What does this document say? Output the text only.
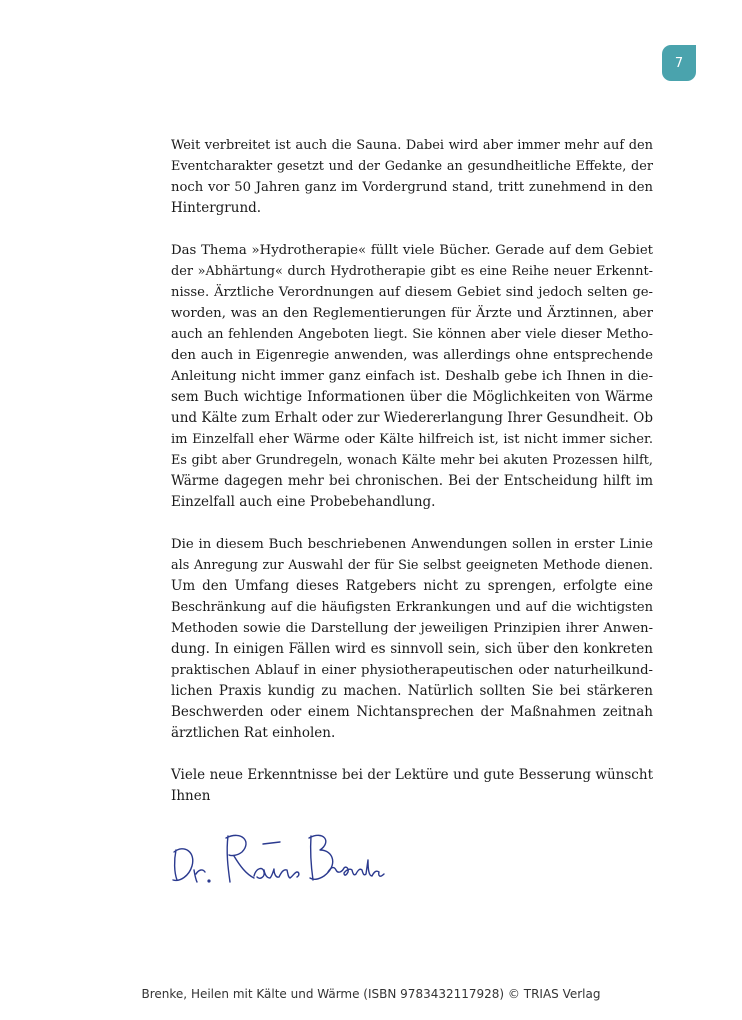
7

Weit verbreitet ist auch die Sauna. Dabei wird aber immer mehr auf den
Eventcharakter gesetzt und der Gedanke an gesundheitliche Effekte, der
noch vor 50 Jahren ganz im Vordergrund stand, tritt zunehmend in den
Hintergrund.

Das Thema »Hydrotherapie« füllt viele Bücher. Gerade auf dem Gebiet
der »Abhärtung« durch Hydrotherapie gibt es eine Reihe neuer Erkennt-
nisse. Ärztliche Verordnungen auf diesem Gebiet sind jedoch selten ge-
worden, was an den Reglementierungen für Ärzte und Ärztinnen, aber
auch an fehlenden Angeboten liegt. Sie können aber viele dieser Metho-
den auch in Eigenregie anwenden, was allerdings ohne entsprechende
Anleitung nicht immer ganz einfach ist. Deshalb gebe ich Ihnen in die-
sem Buch wichtige Informationen über die Möglichkeiten von Wärme
und Kälte zum Erhalt oder zur Wiedererlangung Ihrer Gesundheit. Ob
im Einzelfall eher Wärme oder Kälte hilfreich ist, ist nicht immer sicher.
Es gibt aber Grundregeln, wonach Kälte mehr bei akuten Prozessen hilft,
Wärme dagegen mehr bei chronischen. Bei der Entscheidung hilft im
Einzelfall auch eine Probebehandlung.

Die in diesem Buch beschriebenen Anwendungen sollen in erster Linie
als Anregung zur Auswahl der für Sie selbst geeigneten Methode dienen.
Um den Umfang dieses Ratgebers nicht zu sprengen, erfolgte eine
Beschränkung auf die häufigsten Erkrankungen und auf die wichtigsten
Methoden sowie die Darstellung der jeweiligen Prinzipien ihrer Anwen-
dung. In einigen Fällen wird es sinnvoll sein, sich über den konkreten
praktischen Ablauf in einer physiotherapeutischen oder naturheilkund-
lichen Praxis kundig zu machen. Natürlich sollten Sie bei stärkeren
Beschwerden oder einem Nichtansprechen der Maßnahmen zeitnah
ärztlichen Rat einholen.

Viele neue Erkenntnisse bei der Lektüre und gute Besserung wünscht
Ihnen

Brenke, Heilen mit Kälte und Wärme (ISBN 9783432117928) © TRIAS Verlag
